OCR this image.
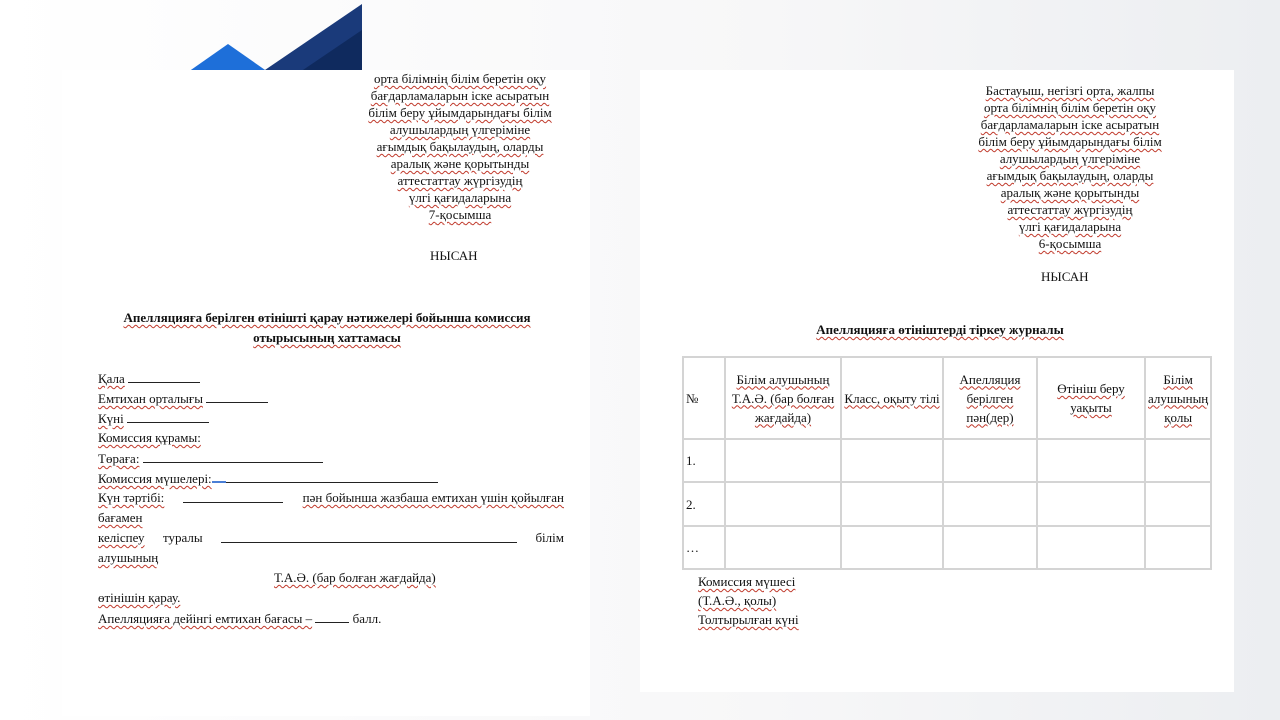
орта білімнің білім беретін оқу
бағдарламаларын іске асыратын
білім беру ұйымдарындағы білім
алушылардың үлгеріміне
ағымдық бақылаудың, оларды
аралық және қорытынды
аттестаттау жүргізудің
үлгі қағидаларына
7-қосымша
НЫСАН
Апелляцияға берілген өтінішті қарау нәтижелері бойынша комиссия
отырысының хаттамасы
Қала
Емтихан орталығы
Күні
Комиссия құрамы:
Төраға:
Комиссия мүшелері:
Күн тәртібі:	пән бойынша жазбаша емтихан үшін қойылған
бағамен
келіспеу туралы	білім
алушының
Т.А.Ә. (бар болған жағдайда)
өтінішін қарау.
Апелляцияға дейінгі емтихан бағасы –	балл.
Бастауыш, негізгі орта, жалпы
орта білімнің білім беретін оқу
бағдарламаларын іске асыратын
білім беру ұйымдарындағы білім
алушылардың үлгеріміне
ағымдық бақылаудың, оларды
аралық және қорытынды
аттестаттау жүргізудің
үлгі қағидаларына
6-қосымша
НЫСАН
Апелляцияға өтініштерді тіркеу журналы
№	Білім алушының Т.А.Ә. (бар болған жағдайда)	Класс, оқыту тілі	Апелляция берілген пән(дер)	Өтініш беру уақыты	Білім алушының қолы
1.					
2.					
…					
Комиссия мүшесі
(Т.А.Ә., қолы)
Толтырылған күні
